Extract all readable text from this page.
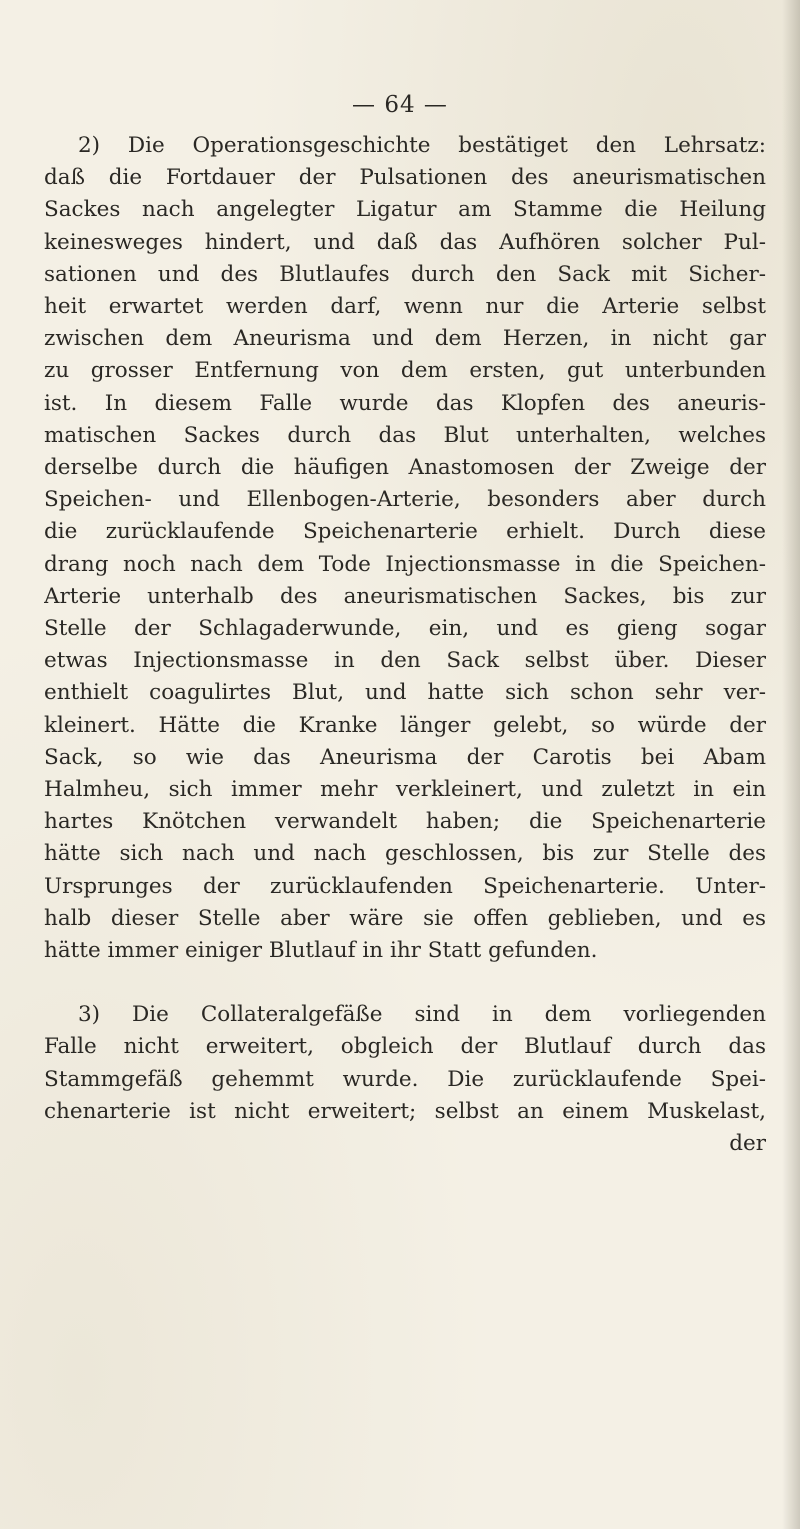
— 64 —
2) Die Operationsgeschichte bestätiget den Lehrsatz:
daß die Fortdauer der Pulsationen des aneurismatischen
Sackes nach angelegter Ligatur am Stamme die Heilung
keinesweges hindert, und daß das Aufhören solcher Pul-
sationen und des Blutlaufes durch den Sack mit Sicher-
heit erwartet werden darf, wenn nur die Arterie selbst
zwischen dem Aneurisma und dem Herzen, in nicht gar
zu grosser Entfernung von dem ersten, gut unterbunden
ist. In diesem Falle wurde das Klopfen des aneuris-
matischen Sackes durch das Blut unterhalten, welches
derselbe durch die häufigen Anastomosen der Zweige der
Speichen- und Ellenbogen-Arterie, besonders aber durch
die zurücklaufende Speichenarterie erhielt. Durch diese
drang noch nach dem Tode Injectionsmasse in die Speichen-
Arterie unterhalb des aneurismatischen Sackes, bis zur
Stelle der Schlagaderwunde, ein, und es gieng sogar
etwas Injectionsmasse in den Sack selbst über. Dieser
enthielt coagulirtes Blut, und hatte sich schon sehr ver-
kleinert. Hätte die Kranke länger gelebt, so würde der
Sack, so wie das Aneurisma der Carotis bei Abam
Halmheu, sich immer mehr verkleinert, und zuletzt in ein
hartes Knötchen verwandelt haben; die Speichenarterie
hätte sich nach und nach geschlossen, bis zur Stelle des
Ursprunges der zurücklaufenden Speichenarterie. Unter-
halb dieser Stelle aber wäre sie offen geblieben, und es
hätte immer einiger Blutlauf in ihr Statt gefunden.
3) Die Collateralgefäße sind in dem vorliegenden
Falle nicht erweitert, obgleich der Blutlauf durch das
Stammgefäß gehemmt wurde. Die zurücklaufende Spei-
chenarterie ist nicht erweitert; selbst an einem Muskelast,
der
